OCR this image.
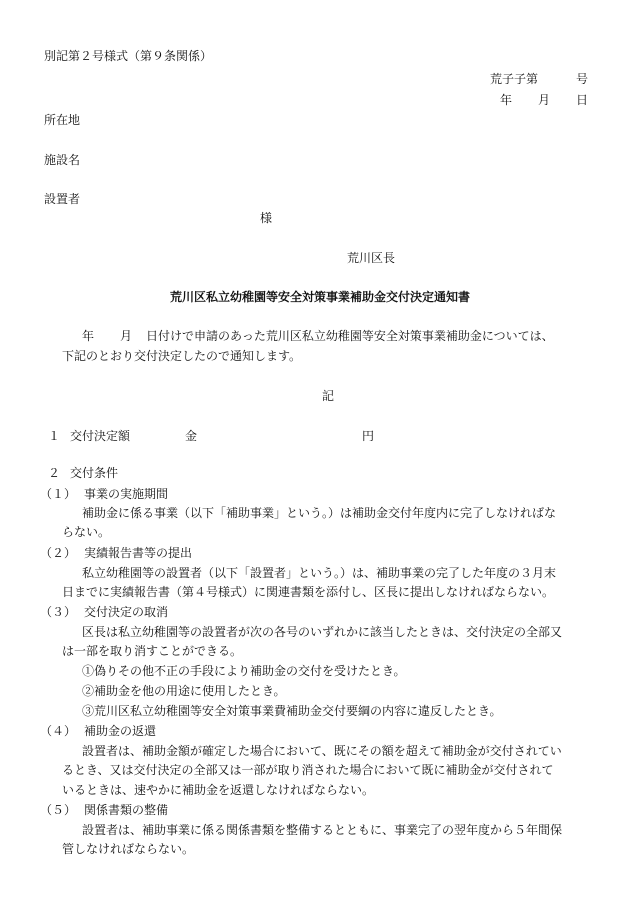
別記第２号様式（第９条関係）
荒子子第	号
年 月 日
所在地
施設名
設置者
様
荒川区長
荒川区私立幼稚園等安全対策事業補助金交付決定通知書
年 月 日付けで申請のあった荒川区私立幼稚園等安全対策事業補助金については、
下記のとおり交付決定したので通知します。
記
１ 交付決定額	金	円
２ 交付条件
（１） 事業の実施期間
補助金に係る事業（以下「補助事業」という。）は補助金交付年度内に完了しなければな
らない。
（２） 実績報告書等の提出
私立幼稚園等の設置者（以下「設置者」という。）は、補助事業の完了した年度の３月末
日までに実績報告書（第４号様式）に関連書類を添付し、区長に提出しなければならない。
（３） 交付決定の取消
区長は私立幼稚園等の設置者が次の各号のいずれかに該当したときは、交付決定の全部又
は一部を取り消すことができる。
①偽りその他不正の手段により補助金の交付を受けたとき。
②補助金を他の用途に使用したとき。
③荒川区私立幼稚園等安全対策事業費補助金交付要綱の内容に違反したとき。
（４） 補助金の返還
設置者は、補助金額が確定した場合において、既にその額を超えて補助金が交付されてい
るとき、又は交付決定の全部又は一部が取り消された場合において既に補助金が交付されて
いるときは、速やかに補助金を返還しなければならない。
（５） 関係書類の整備
設置者は、補助事業に係る関係書類を整備するとともに、事業完了の翌年度から５年間保
管しなければならない。
